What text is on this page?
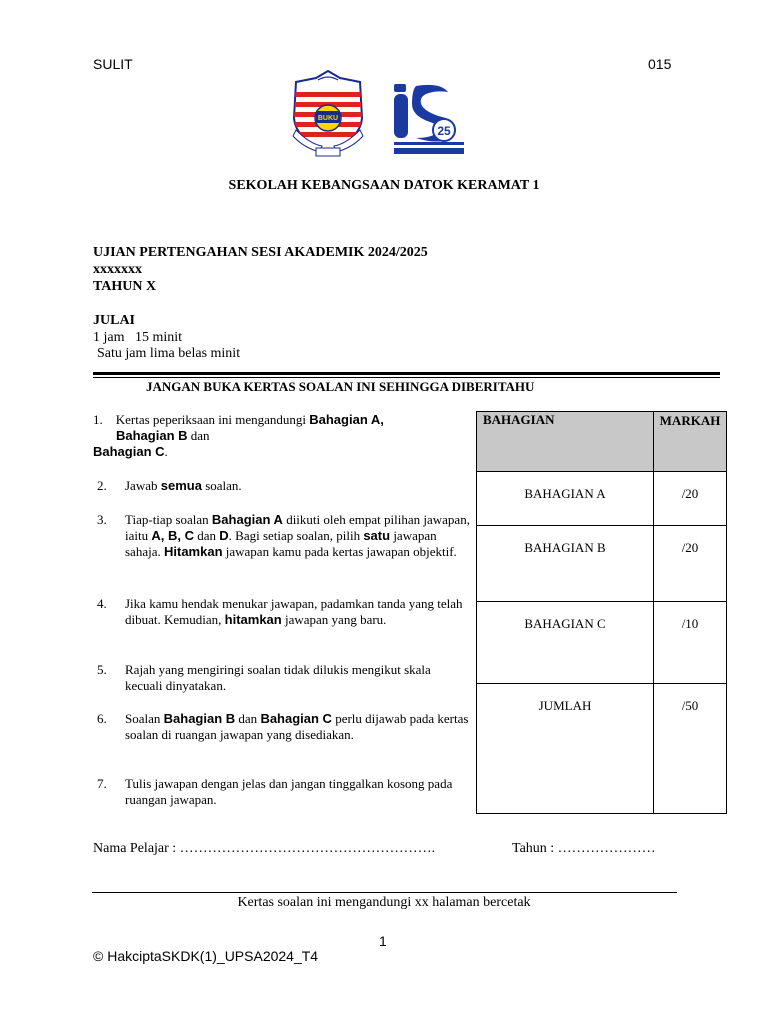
SULIT	015
BUKU
25
SEKOLAH KEBANGSAAN DATOK KERAMAT 1
UJIAN PERTENGAHAN SESI AKADEMIK 2024/2025
xxxxxxx
TAHUN X
JULAI
1 jam   15 minit
Satu jam lima belas minit
JANGAN BUKA KERTAS SOALAN INI SEHINGGA DIBERITAHU
1. Kertas peperiksaan ini mengandungi Bahagian A,
Bahagian B dan
Bahagian C.
2.	Jawab semua soalan.
3.	Tiap-tiap soalan Bahagian A diikuti oleh empat pilihan jawapan, iaitu A, B, C dan D. Bagi setiap soalan, pilih satu jawapan sahaja. Hitamkan jawapan kamu pada kertas jawapan objektif.
4.	Jika kamu hendak menukar jawapan, padamkan tanda yang telah dibuat. Kemudian, hitamkan jawapan yang baru.
5.	Rajah yang mengiringi soalan tidak dilukis mengikut skala kecuali dinyatakan.
6.	Soalan Bahagian B dan Bahagian C perlu dijawab pada kertas soalan di ruangan jawapan yang disediakan.
7.	Tulis jawapan dengan jelas dan jangan tinggalkan kosong pada ruangan jawapan.
BAHAGIAN	MARKAH
BAHAGIAN A	/20
BAHAGIAN B	/20
BAHAGIAN C	/10
JUMLAH	/50
Nama Pelajar : ……………………………………………….	Tahun : …………………
Kertas soalan ini mengandungi xx halaman bercetak
1
© HakciptaSKDK(1)_UPSA2024_T4
